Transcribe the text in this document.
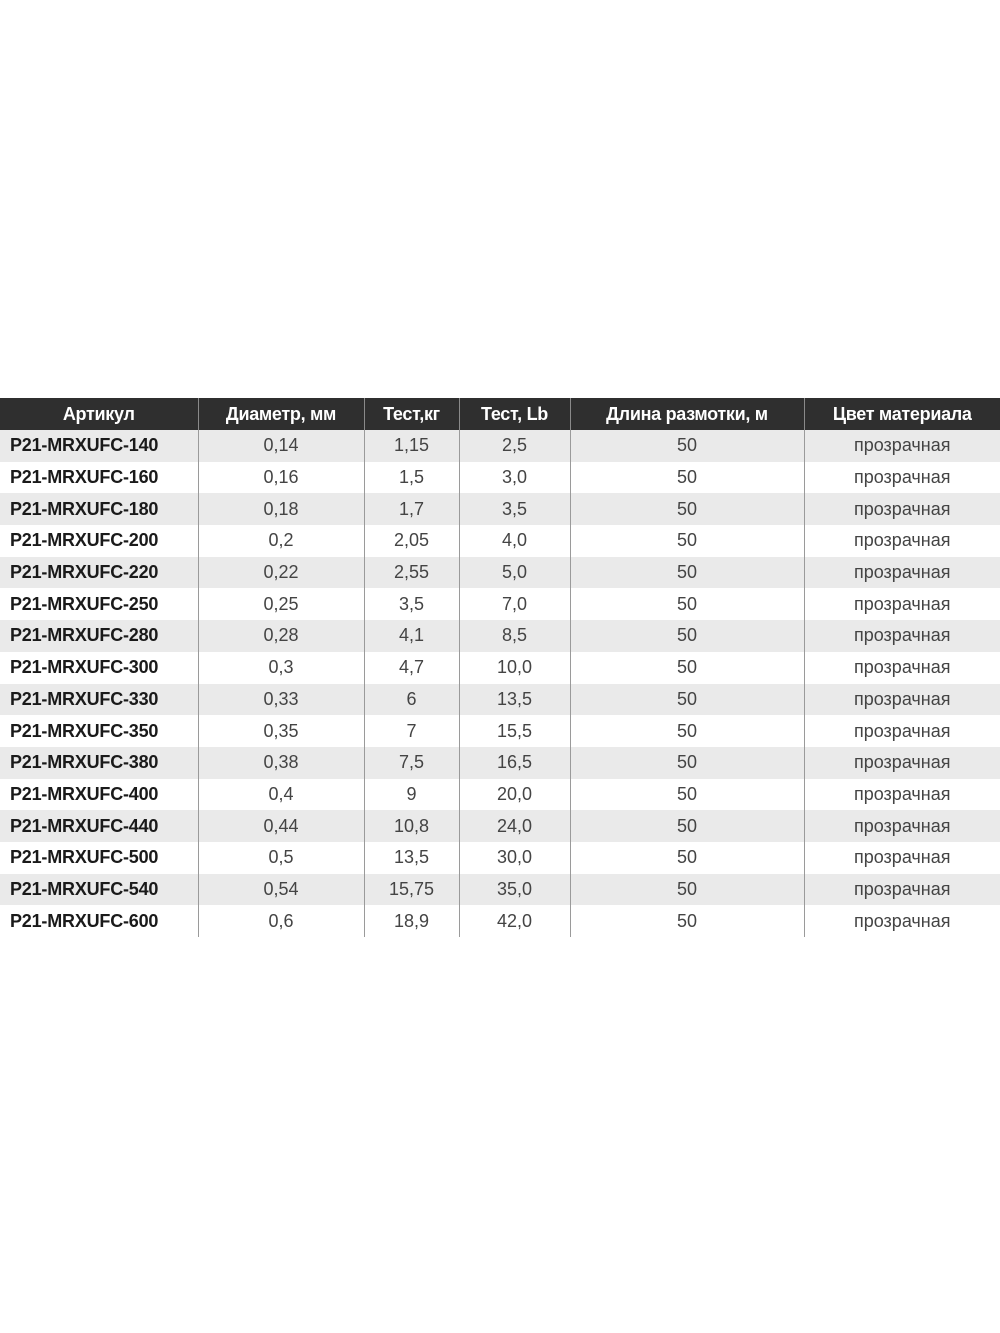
Артикул	Диаметр, мм	Тест,кг	Тест, Lb	Длина размотки, м	Цвет материала
P21-MRXUFC-140	0,14	1,15	2,5	50	прозрачная
P21-MRXUFC-160	0,16	1,5	3,0	50	прозрачная
P21-MRXUFC-180	0,18	1,7	3,5	50	прозрачная
P21-MRXUFC-200	0,2	2,05	4,0	50	прозрачная
P21-MRXUFC-220	0,22	2,55	5,0	50	прозрачная
P21-MRXUFC-250	0,25	3,5	7,0	50	прозрачная
P21-MRXUFC-280	0,28	4,1	8,5	50	прозрачная
P21-MRXUFC-300	0,3	4,7	10,0	50	прозрачная
P21-MRXUFC-330	0,33	6	13,5	50	прозрачная
P21-MRXUFC-350	0,35	7	15,5	50	прозрачная
P21-MRXUFC-380	0,38	7,5	16,5	50	прозрачная
P21-MRXUFC-400	0,4	9	20,0	50	прозрачная
P21-MRXUFC-440	0,44	10,8	24,0	50	прозрачная
P21-MRXUFC-500	0,5	13,5	30,0	50	прозрачная
P21-MRXUFC-540	0,54	15,75	35,0	50	прозрачная
P21-MRXUFC-600	0,6	18,9	42,0	50	прозрачная
